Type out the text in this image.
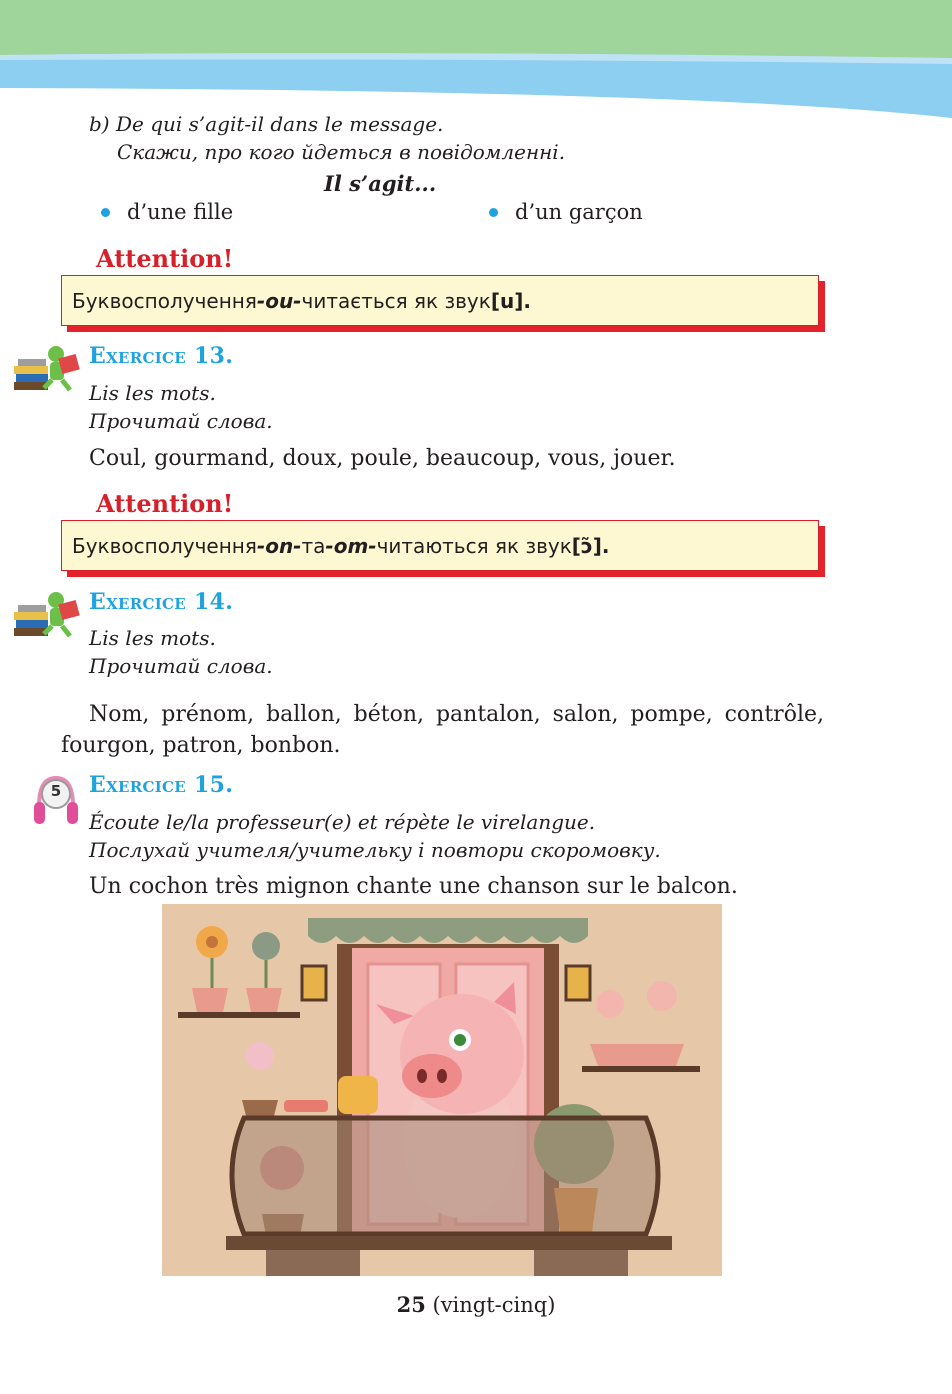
b) De qui s’agit-il dans le message.
Скажи, про кого йдеться в повідомленні.
Il s’agit...
d’une fille	d’un garçon
Attention!
Буквосполучення -ou- читається як звук [u].
Exercice 13.
Lis les mots.
Прочитай слова.
Coul, gourmand, doux, poule, beaucoup, vous, jouer.
Attention!
Буквосполучення -on- та -om- читаються як звук [ɔ̃].
Exercice 14.
Lis les mots.
Прочитай слова.
Nom, prénom, ballon, béton, pantalon, salon, pompe, contrôle,
fourgon, patron, bonbon.
5	Exercice 15.
Écoute le/la professeur(e) et répète le virelangue.
Послухай учителя/учительку і повтори скоромовку.
Un cochon très mignon chante une chanson sur le balcon.
25 (vingt-cinq)
